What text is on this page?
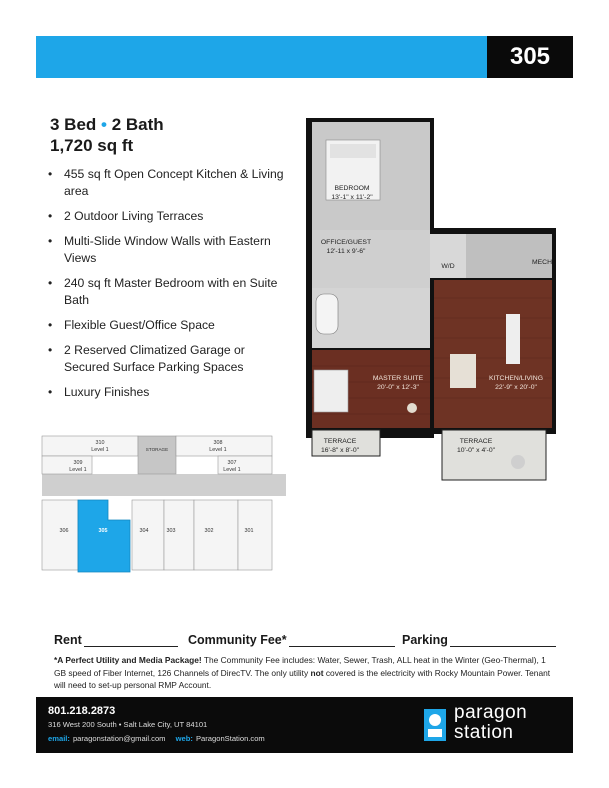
305
3 Bed • 2 Bath
1,720 sq ft
• 455 sq ft Open Concept Kitchen & Living area
• 2 Outdoor Living Terraces
• Multi-Slide Window Walls with Eastern Views
• 240 sq ft Master Bedroom with en Suite Bath
• Flexible Guest/Office Space
• 2 Reserved Climatized Garage or Secured Surface Parking Spaces
• Luxury Finishes
BEDROOM
13'-1" x 11'-2"
OFFICE/GUEST
12'-11 x 9'-6"
W/D
MECH
MASTER SUITE
20'-0" x 12'-3"
KITCHEN/LIVING
22'-9" x 20'-0"
TERRACE
16'-8" x 8'-0"
TERRACE
10'-0" x 4'-0"
310
Level 1	STORAGE
308
Level 1
309
Level 1
307
Level 1
306	305	304	303	302	301
Rent	Community Fee*	Parking
*A Perfect Utility and Media Package! The Community Fee includes: Water, Sewer, Trash, ALL heat in the Winter (Geo-Thermal), 1 GB speed of Fiber Internet, 126 Channels of DirecTV. The only utility not covered is the electricity with Rocky Mountain Power. Tenant will need to set-up personal RMP Account.
801.218.2873
316 West 200 South • Salt Lake City, UT 84101
email: paragonstation@gmail.com web: ParagonStation.com
paragon
station
